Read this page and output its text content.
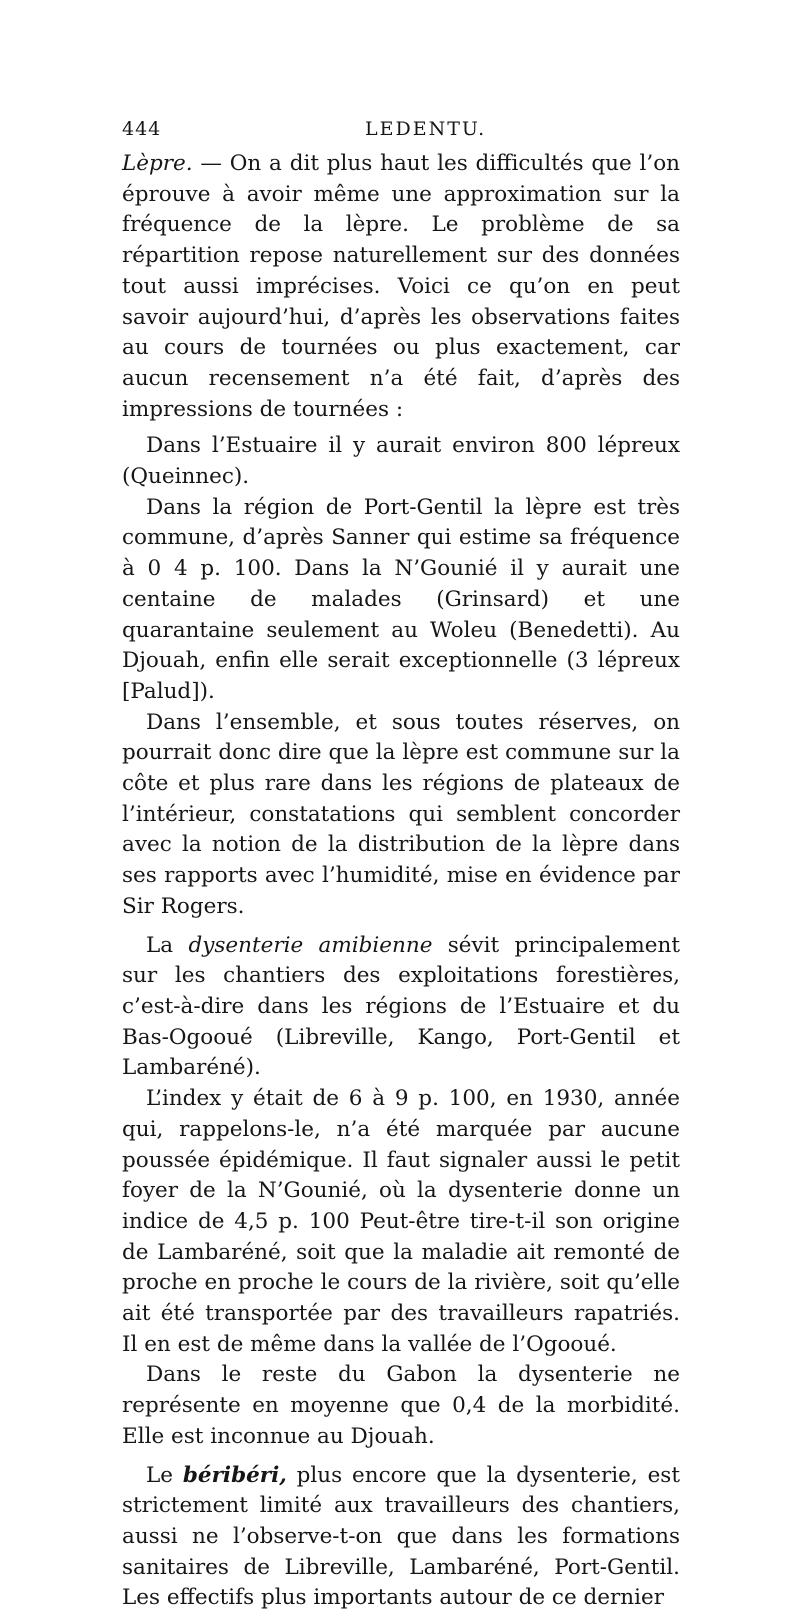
444	LEDENTU.

Lèpre. — On a dit plus haut les difficultés que l’on éprouve à avoir même une approximation sur la fréquence de la lèpre. Le problème de sa répartition repose naturellement sur des données tout aussi imprécises. Voici ce qu’on en peut savoir aujourd’hui, d’après les observations faites au cours de tournées ou plus exactement, car aucun recensement n’a été fait, d’après des impressions de tournées :

Dans l’Estuaire il y aurait environ 800 lépreux (Queinnec).

Dans la région de Port-Gentil la lèpre est très commune, d’après Sanner qui estime sa fréquence à 0 4 p. 100. Dans la N’Gounié il y aurait une centaine de malades (Grinsard) et une quarantaine seulement au Woleu (Benedetti). Au Djouah, enfin elle serait exceptionnelle (3 lépreux [Palud]).

Dans l’ensemble, et sous toutes réserves, on pourrait donc dire que la lèpre est commune sur la côte et plus rare dans les régions de plateaux de l’intérieur, constatations qui semblent concorder avec la notion de la distribution de la lèpre dans ses rapports avec l’humidité, mise en évidence par Sir Rogers.

La dysenterie amibienne sévit principalement sur les chantiers des exploitations forestières, c’est-à-dire dans les régions de l’Estuaire et du Bas-Ogooué (Libreville, Kango, Port-Gentil et Lambaréné).

L’index y était de 6 à 9 p. 100, en 1930, année qui, rappelons-le, n’a été marquée par aucune poussée épidémique. Il faut signaler aussi le petit foyer de la N’Gounié, où la dysenterie donne un indice de 4,5 p. 100 Peut-être tire-t-il son origine de Lambaréné, soit que la maladie ait remonté de proche en proche le cours de la rivière, soit qu’elle ait été transportée par des travailleurs rapatriés. Il en est de même dans la vallée de l’Ogooué.

Dans le reste du Gabon la dysenterie ne représente en moyenne que 0,4 de la morbidité. Elle est inconnue au Djouah.

Le béribéri, plus encore que la dysenterie, est strictement limité aux travailleurs des chantiers, aussi ne l’observe-t-on que dans les formations sanitaires de Libreville, Lambaréné, Port-Gentil. Les effectifs plus importants autour de ce dernier
